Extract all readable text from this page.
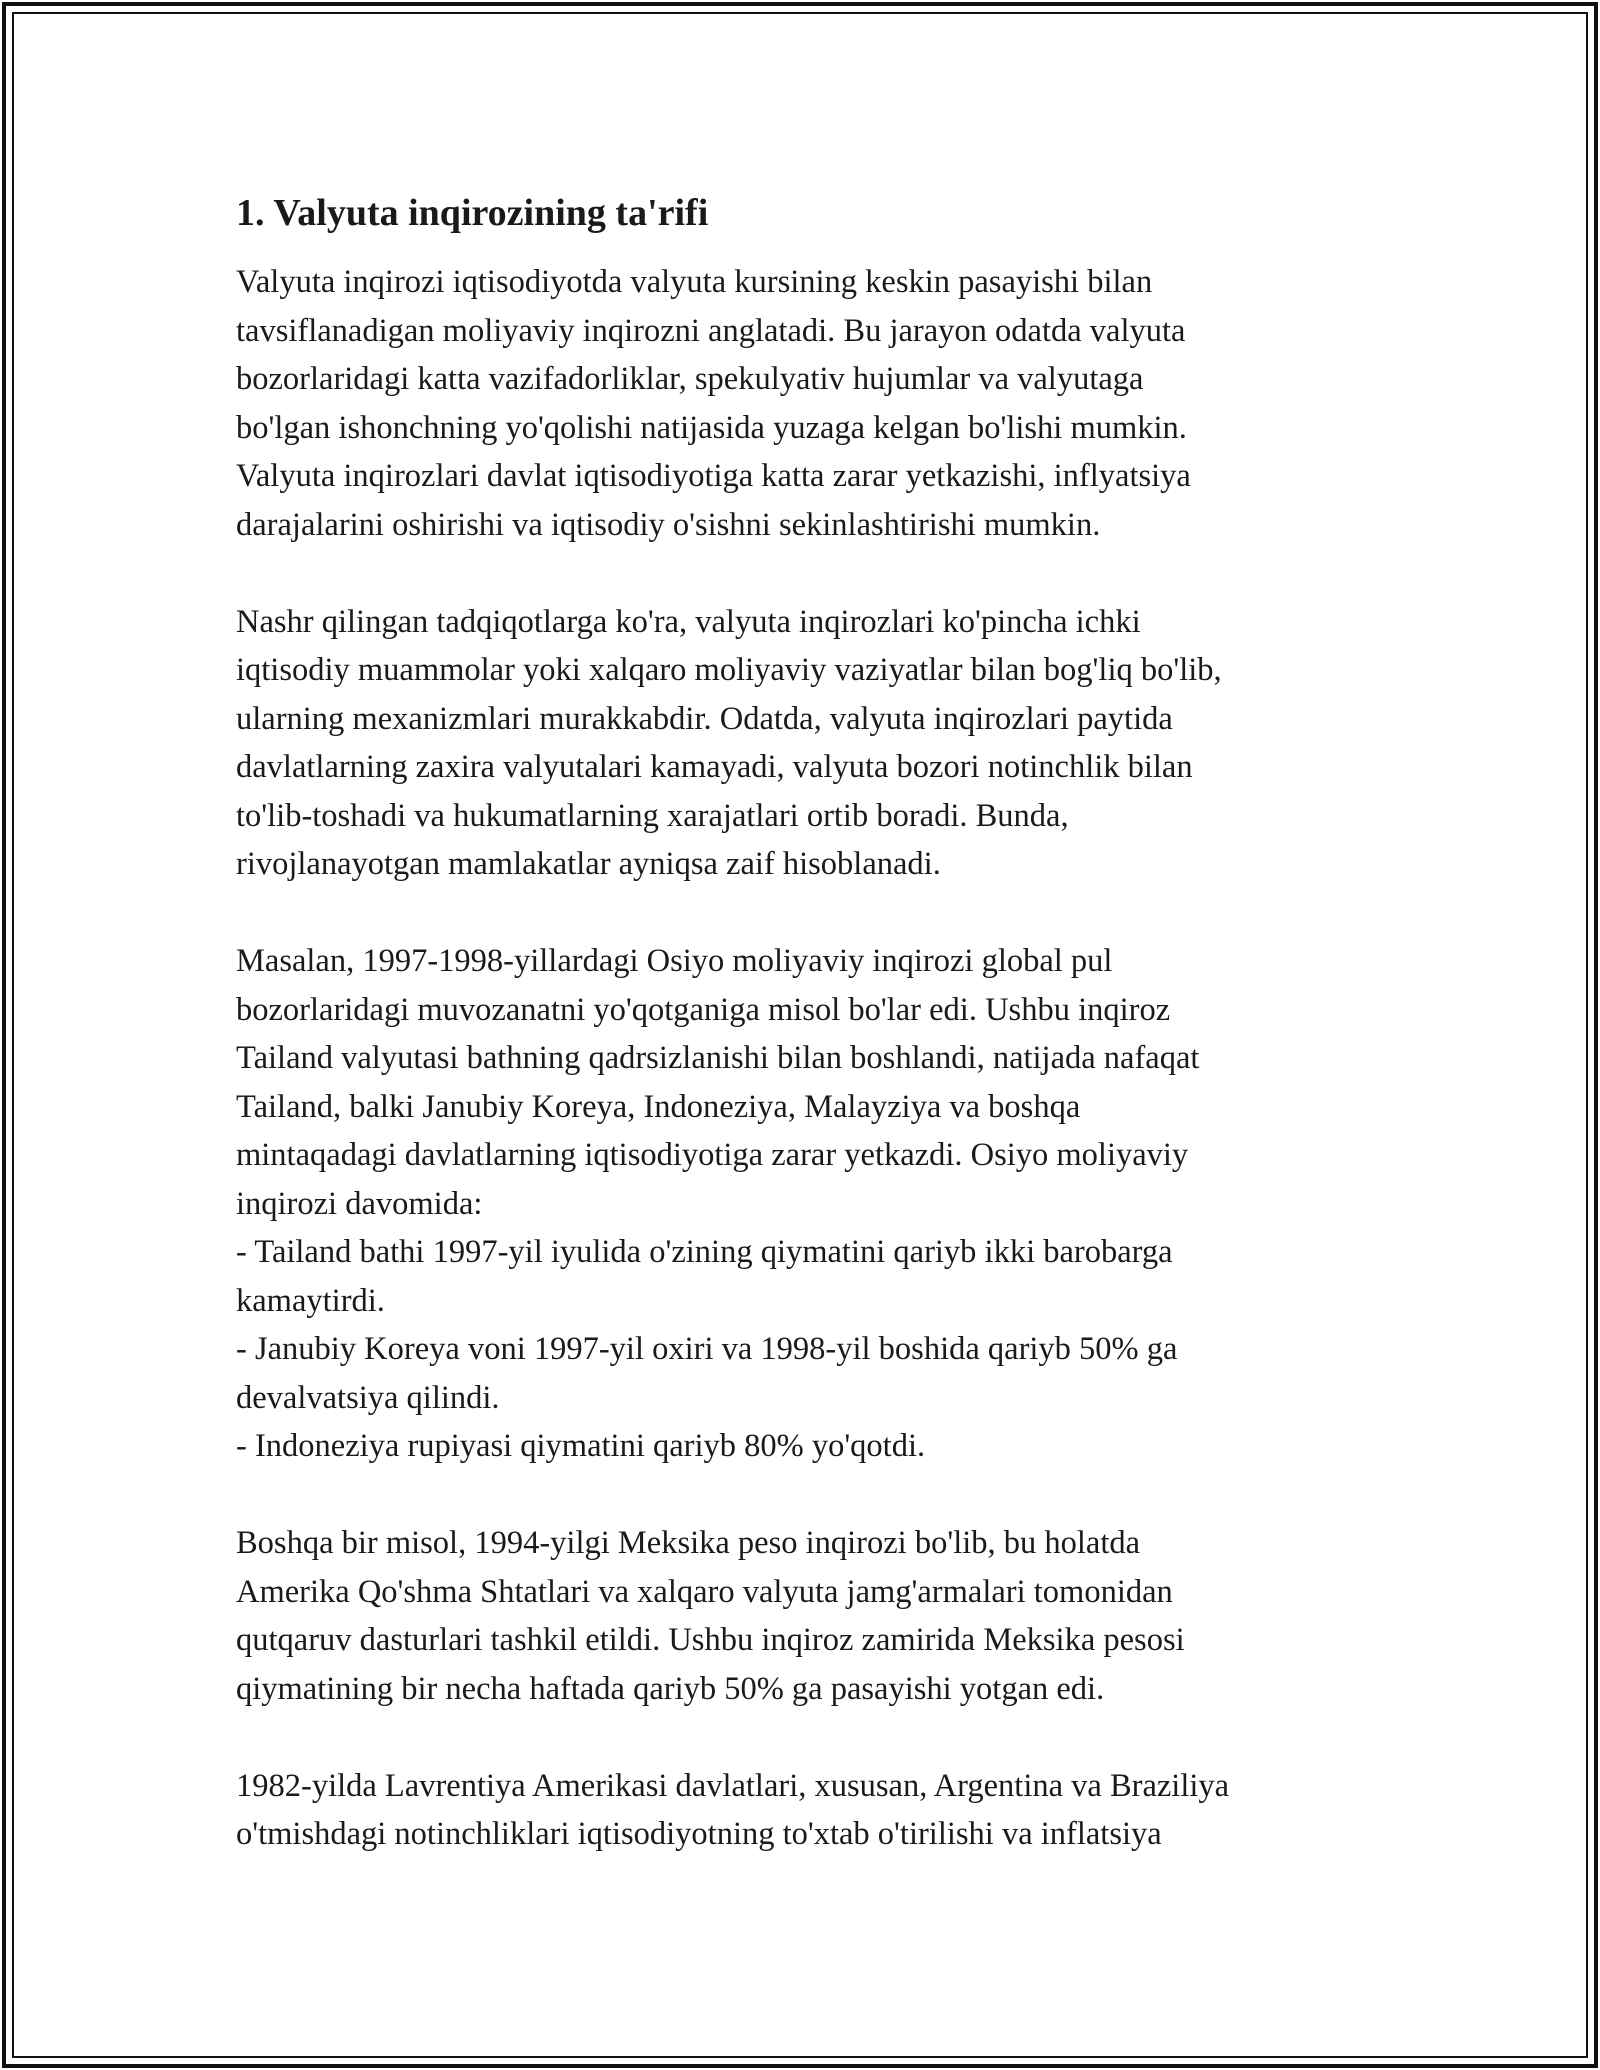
1. Valyuta inqirozining ta'rifi

Valyuta inqirozi iqtisodiyotda valyuta kursining keskin pasayishi bilan
tavsiflanadigan moliyaviy inqirozni anglatadi. Bu jarayon odatda valyuta
bozorlaridagi katta vazifadorliklar, spekulyativ hujumlar va valyutaga
bo'lgan ishonchning yo'qolishi natijasida yuzaga kelgan bo'lishi mumkin.
Valyuta inqirozlari davlat iqtisodiyotiga katta zarar yetkazishi, inflyatsiya
darajalarini oshirishi va iqtisodiy o'sishni sekinlashtirishi mumkin.

Nashr qilingan tadqiqotlarga ko'ra, valyuta inqirozlari ko'pincha ichki
iqtisodiy muammolar yoki xalqaro moliyaviy vaziyatlar bilan bog'liq bo'lib,
ularning mexanizmlari murakkabdir. Odatda, valyuta inqirozlari paytida
davlatlarning zaxira valyutalari kamayadi, valyuta bozori notinchlik bilan
to'lib-toshadi va hukumatlarning xarajatlari ortib boradi. Bunda,
rivojlanayotgan mamlakatlar ayniqsa zaif hisoblanadi.

Masalan, 1997-1998-yillardagi Osiyo moliyaviy inqirozi global pul
bozorlaridagi muvozanatni yo'qotganiga misol bo'lar edi. Ushbu inqiroz
Tailand valyutasi bathning qadrsizlanishi bilan boshlandi, natijada nafaqat
Tailand, balki Janubiy Koreya, Indoneziya, Malayziya va boshqa
mintaqadagi davlatlarning iqtisodiyotiga zarar yetkazdi. Osiyo moliyaviy
inqirozi davomida:
- Tailand bathi 1997-yil iyulida o'zining qiymatini qariyb ikki barobarga
kamaytirdi.
- Janubiy Koreya voni 1997-yil oxiri va 1998-yil boshida qariyb 50% ga
devalvatsiya qilindi.
- Indoneziya rupiyasi qiymatini qariyb 80% yo'qotdi.

Boshqa bir misol, 1994-yilgi Meksika peso inqirozi bo'lib, bu holatda
Amerika Qo'shma Shtatlari va xalqaro valyuta jamg'armalari tomonidan
qutqaruv dasturlari tashkil etildi. Ushbu inqiroz zamirida Meksika pesosi
qiymatining bir necha haftada qariyb 50% ga pasayishi yotgan edi.

1982-yilda Lavrentiya Amerikasi davlatlari, xususan, Argentina va Braziliya
o'tmishdagi notinchliklari iqtisodiyotning to'xtab o'tirilishi va inflatsiya
